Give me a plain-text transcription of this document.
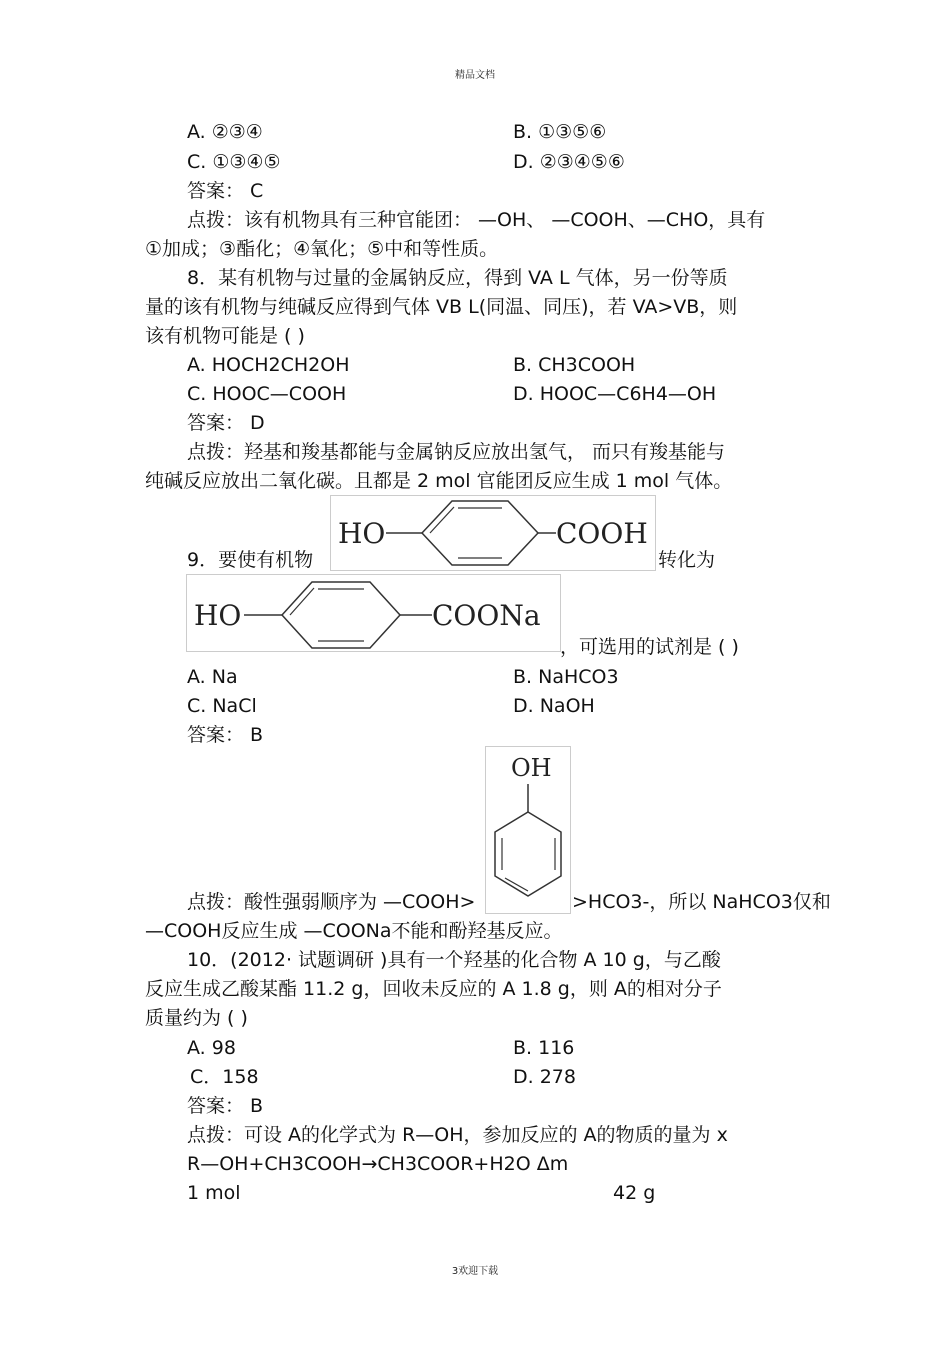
精品文档
A. ②③④	B. ①③⑤⑥
C. ①③④⑤	D. ②③④⑤⑥
答案： C
点拨：该有机物具有三种官能团： —OH、 —COOH、—CHO，具有
①加成；③酯化；④氧化；⑤中和等性质。
8．某有机物与过量的金属钠反应，得到 VA L 气体，另一份等质
量的该有机物与纯碱反应得到气体 VB L(同温、同压)，若 VA>VB，则
该有机物可能是 ( )
A. HOCH2CH2OH	B. CH3COOH
C. HOOC—COOH	D. HOOC—C6H4—OH
答案： D
点拨：羟基和羧基都能与金属钠反应放出氢气， 而只有羧基能与
纯碱反应放出二氧化碳。且都是 2 mol 官能团反应生成 1 mol 气体。
HO	COOH
9．要使有机物	转化为
HO	COONa
，可选用的试剂是 ( )
A. Na	B. NaHCO3
C. NaCl	D. NaOH
答案： B
OH
点拨：酸性强弱顺序为 —COOH>	>HCO3-，所以 NaHCO3仅和
—COOH反应生成 —COONa不能和酚羟基反应。
10．(2012· 试题调研 )具有一个羟基的化合物 A 10 g，与乙酸
反应生成乙酸某酯 11.2 g，回收未反应的 A 1.8 g，则 A的相对分子
质量约为 ( )
A. 98	B. 116
C．158	D. 278
答案： B
点拨：可设 A的化学式为 R—OH，参加反应的 A的物质的量为 x
R—OH+CH3COOH→CH3COOR+H2O Δm
1 mol	42 g
3欢迎下载
